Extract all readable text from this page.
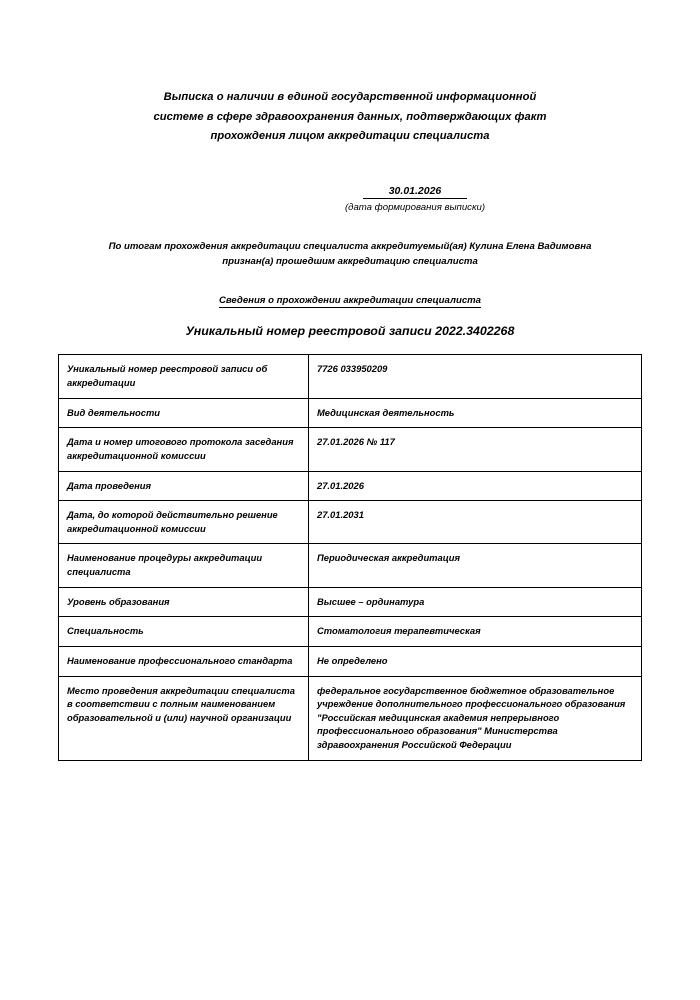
Выписка о наличии в единой государственной информационной
системе в сфере здравоохранения данных, подтверждающих факт
прохождения лицом аккредитации специалиста
30.01.2026
(дата формирования выписки)
По итогам прохождения аккредитации специалиста аккредитуемый(ая) Кулина Елена Вадимовна
признан(а) прошедшим аккредитацию специалиста
Сведения о прохождении аккредитации специалиста
Уникальный номер реестровой записи 2022.3402268
Уникальный номер реестровой записи об аккредитации	7726 033950209
Вид деятельности	Медицинская деятельность
Дата и номер итогового протокола заседания аккредитационной комиссии	27.01.2026 № 117
Дата проведения	27.01.2026
Дата, до которой действительно решение аккредитационной комиссии	27.01.2031
Наименование процедуры аккредитации специалиста	Периодическая аккредитация
Уровень образования	Высшее – ординатура
Специальность	Стоматология терапевтическая
Наименование профессионального стандарта	Не определено
Место проведения аккредитации специалиста в соответствии с полным наименованием образовательной и (или) научной организации	федеральное государственное бюджетное образовательное учреждение дополнительного профессионального образования "Российская медицинская академия непрерывного профессионального образования" Министерства здравоохранения Российской Федерации
